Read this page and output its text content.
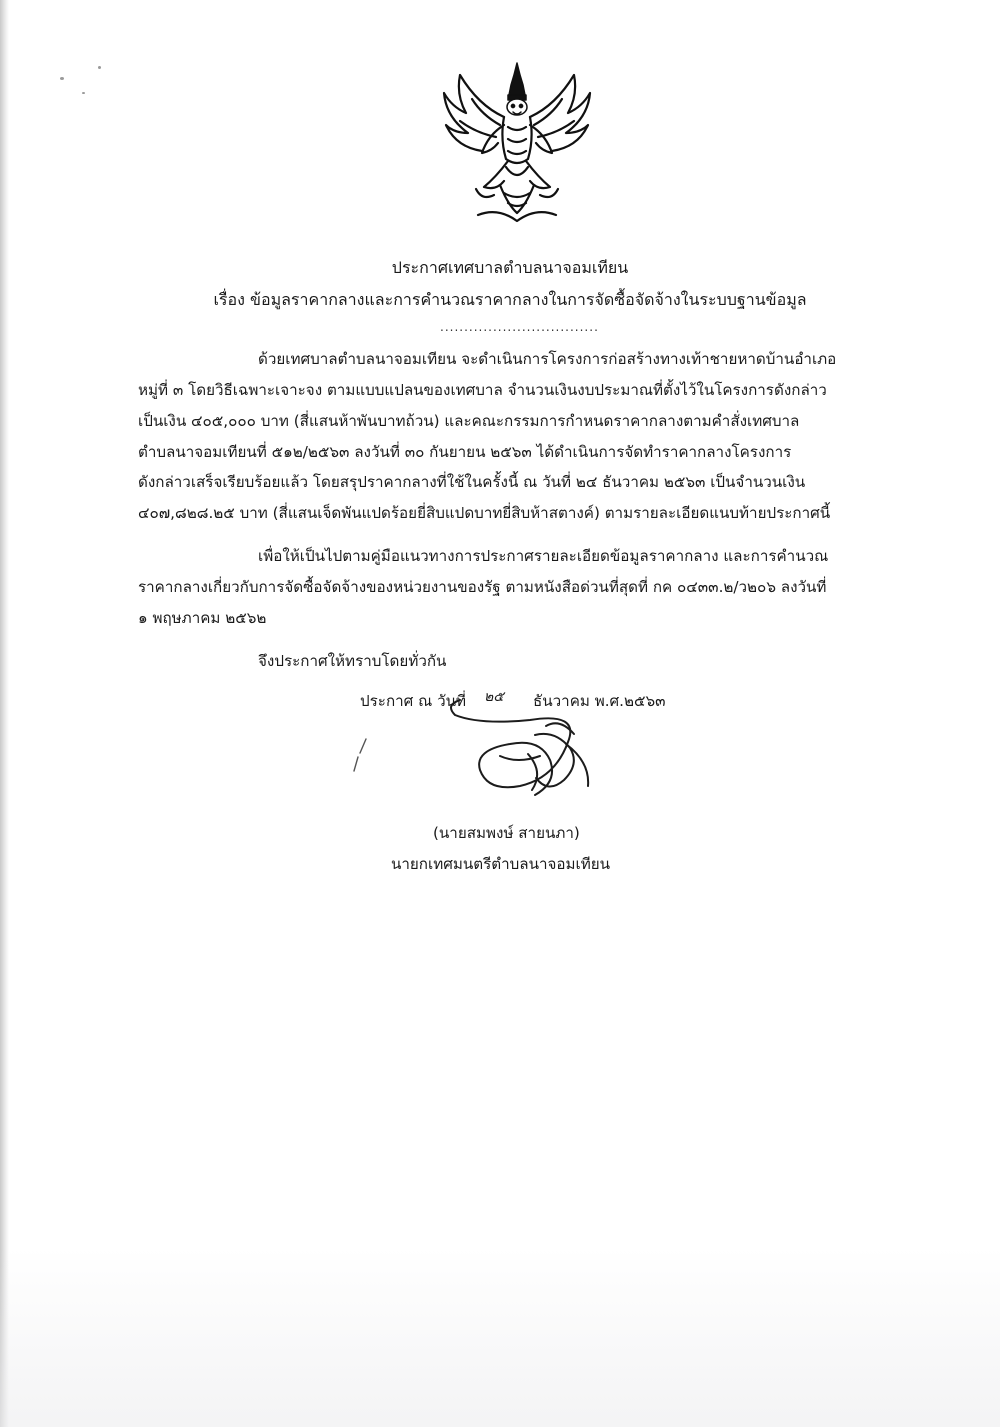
ประกาศเทศบาลตำบลนาจอมเทียน
เรื่อง ข้อมูลราคากลางและการคำนวณราคากลางในการจัดซื้อจัดจ้างในระบบฐานข้อมูล
.................................
ด้วยเทศบาลตำบลนาจอมเทียน จะดำเนินการโครงการก่อสร้างทางเท้าชายหาดบ้านอำเภอ
หมู่ที่ ๓ โดยวิธีเฉพาะเจาะจง ตามแบบแปลนของเทศบาล จำนวนเงินงบประมาณที่ตั้งไว้ในโครงการดังกล่าว
เป็นเงิน ๔๐๕,๐๐๐ บาท (สี่แสนห้าพันบาทถ้วน) และคณะกรรมการกำหนดราคากลางตามคำสั่งเทศบาล
ตำบลนาจอมเทียนที่ ๕๑๒/๒๕๖๓ ลงวันที่ ๓๐ กันยายน ๒๕๖๓ ได้ดำเนินการจัดทำราคากลางโครงการ
ดังกล่าวเสร็จเรียบร้อยแล้ว โดยสรุปราคากลางที่ใช้ในครั้งนี้ ณ วันที่ ๒๔ ธันวาคม ๒๕๖๓ เป็นจำนวนเงิน
๔๐๗,๘๒๘.๒๕ บาท (สี่แสนเจ็ดพันแปดร้อยยี่สิบแปดบาทยี่สิบห้าสตางค์) ตามรายละเอียดแนบท้ายประกาศนี้
เพื่อให้เป็นไปตามคู่มือแนวทางการประกาศรายละเอียดข้อมูลราคากลาง และการคำนวณ
ราคากลางเกี่ยวกับการจัดซื้อจัดจ้างของหน่วยงานของรัฐ ตามหนังสือด่วนที่สุดที่ กค ๐๔๓๓.๒/ว๒๐๖ ลงวันที่
๑ พฤษภาคม ๒๕๖๒
จึงประกาศให้ทราบโดยทั่วกัน
ประกาศ ณ วันที่ ๒๕ ธันวาคม พ.ศ.๒๕๖๓
(นายสมพงษ์ สายนภา)
นายกเทศมนตรีตำบลนาจอมเทียน
